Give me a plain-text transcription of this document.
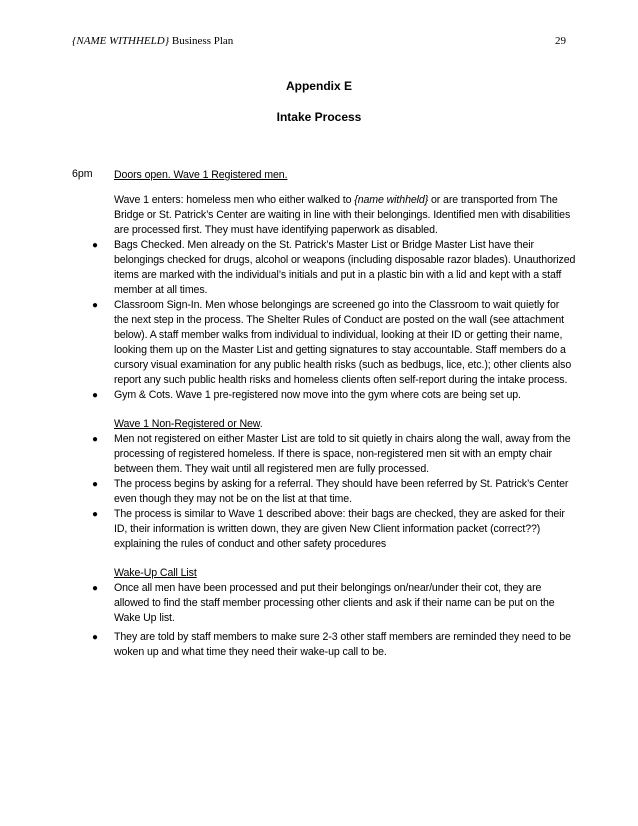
{NAME WITHHELD} Business Plan	29
Appendix E
Intake Process
6pm Doors open. Wave 1 Registered men.

Wave 1 enters: homeless men who either walked to {name withheld} or are transported from The Bridge or St. Patrick’s Center are waiting in line with their belongings. Identified men with disabilities are processed first. They must have identifying paperwork as disabled.

● Bags Checked. Men already on the St. Patrick’s Master List or Bridge Master List have their belongings checked for drugs, alcohol or weapons (including disposable razor blades). Unauthorized items are marked with the individual’s initials and put in a plastic bin with a lid and kept with a staff member at all times.
● Classroom Sign-In. Men whose belongings are screened go into the Classroom to wait quietly for the next step in the process. The Shelter Rules of Conduct are posted on the wall (see attachment below). A staff member walks from individual to individual, looking at their ID or getting their name, looking them up on the Master List and getting signatures to stay accountable. Staff members do a cursory visual examination for any public health risks (such as bedbugs, lice, etc.); other clients also report any such public health risks and homeless clients often self-report during the intake process.
● Gym & Cots. Wave 1 pre-registered now move into the gym where cots are being set up.

Wave 1 Non-Registered or New.

● Men not registered on either Master List are told to sit quietly in chairs along the wall, away from the processing of registered homeless. If there is space, non-registered men sit with an empty chair between them. They wait until all registered men are fully processed.
● The process begins by asking for a referral. They should have been referred by St. Patrick’s Center even though they may not be on the list at that time.
● The process is similar to Wave 1 described above: their bags are checked, they are asked for their ID, their information is written down, they are given New Client information packet (correct??) explaining the rules of conduct and other safety procedures

Wake-Up Call List

● Once all men have been processed and put their belongings on/near/under their cot, they are allowed to find the staff member processing other clients and ask if their name can be put on the Wake Up list.
● They are told by staff members to make sure 2-3 other staff members are reminded they need to be woken up and what time they need their wake-up call to be.
